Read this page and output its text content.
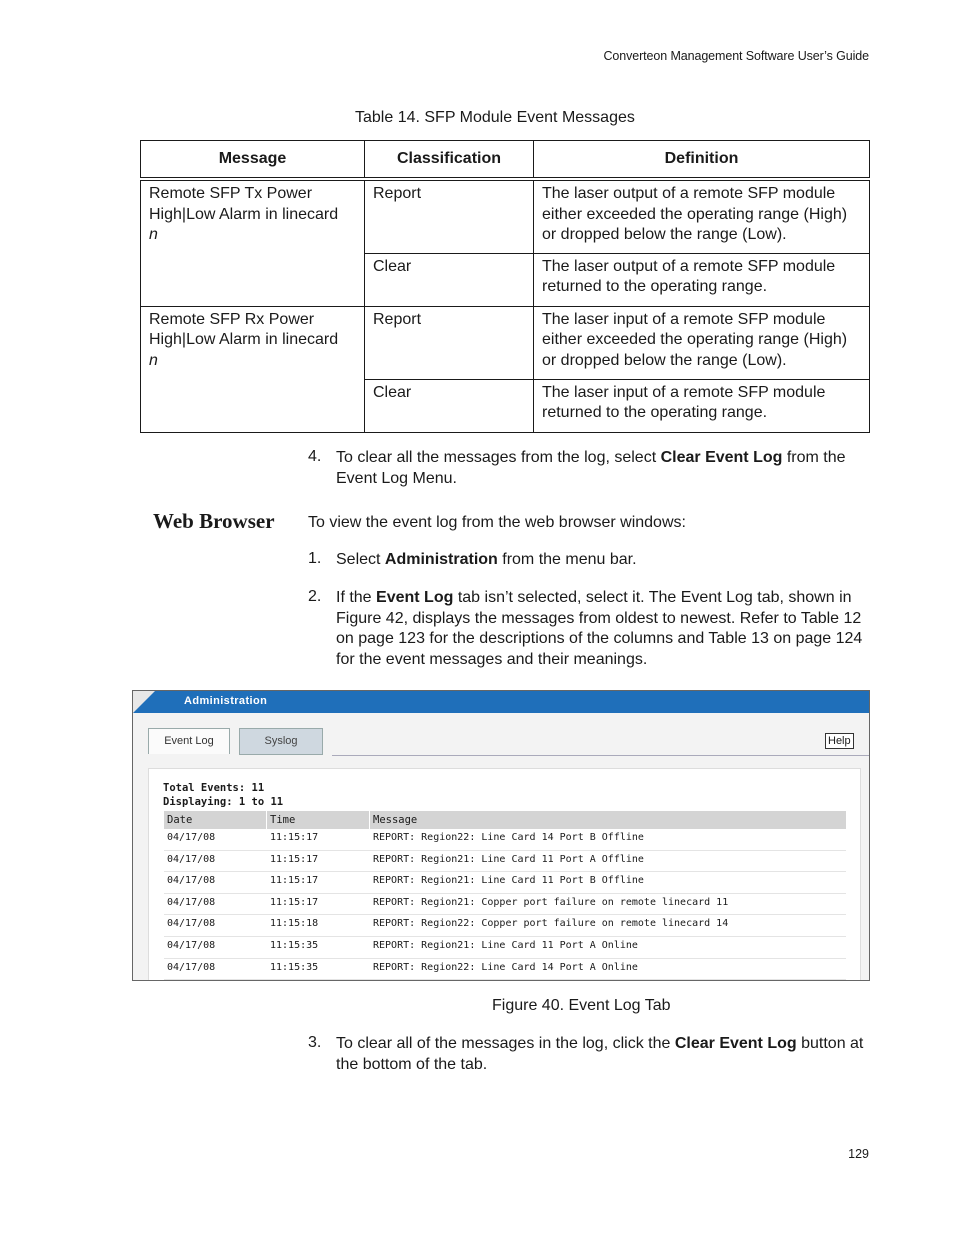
Converteon Management Software User’s Guide
Table 14. SFP Module Event Messages
Message	Classification	Definition
Remote SFP Tx Power High|Low Alarm in linecard
n	Report	The laser output of a remote SFP module either exceeded the operating range (High) or dropped below the range (Low).
	Clear	The laser output of a remote SFP module returned to the operating range.
Remote SFP Rx Power High|Low Alarm in linecard
n	Report	The laser input of a remote SFP module either exceeded the operating range (High) or dropped below the range (Low).
	Clear	The laser input of a remote SFP module returned to the operating range.
4. To clear all the messages from the log, select Clear Event Log from the Event Log Menu.
Web Browser To view the event log from the web browser windows:
1. Select Administration from the menu bar.
2. If the Event Log tab isn’t selected, select it. The Event Log tab, shown in Figure 42, displays the messages from oldest to newest. Refer to Table 12 on page 123 for the descriptions of the columns and Table 13 on page 124 for the event messages and their meanings.
Administration
Event Log	Syslog	Help
Total Events: 11
Displaying: 1 to 11
Date	Time	Message
04/17/08	11:15:17	REPORT: Region22: Line Card 14 Port B Offline
04/17/08	11:15:17	REPORT: Region21: Line Card 11 Port A Offline
04/17/08	11:15:17	REPORT: Region21: Line Card 11 Port B Offline
04/17/08	11:15:17	REPORT: Region21: Copper port failure on remote linecard 11
04/17/08	11:15:18	REPORT: Region22: Copper port failure on remote linecard 14
04/17/08	11:15:35	REPORT: Region21: Line Card 11 Port A Online
04/17/08	11:15:35	REPORT: Region22: Line Card 14 Port A Online
Figure 40. Event Log Tab
3. To clear all of the messages in the log, click the Clear Event Log button at the bottom of the tab.
129
